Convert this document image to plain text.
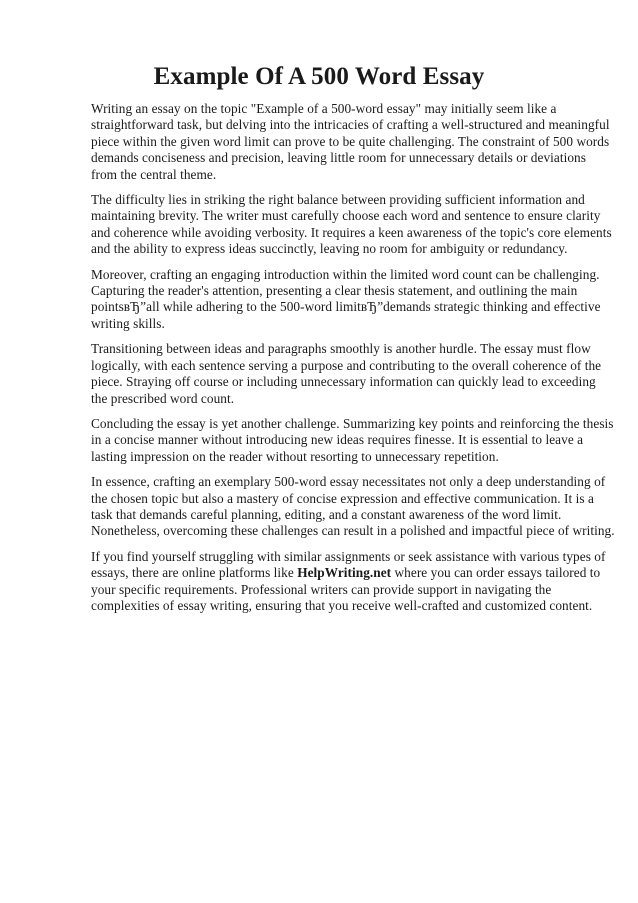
Example Of A 500 Word Essay

Writing an essay on the topic "Example of a 500-word essay" may initially seem like a
straightforward task, but delving into the intricacies of crafting a well-structured and meaningful
piece within the given word limit can prove to be quite challenging. The constraint of 500 words
demands conciseness and precision, leaving little room for unnecessary details or deviations
from the central theme.

The difficulty lies in striking the right balance between providing sufficient information and
maintaining brevity. The writer must carefully choose each word and sentence to ensure clarity
and coherence while avoiding verbosity. It requires a keen awareness of the topic's core elements
and the ability to express ideas succinctly, leaving no room for ambiguity or redundancy.

Moreover, crafting an engaging introduction within the limited word count can be challenging.
Capturing the reader's attention, presenting a clear thesis statement, and outlining the main
pointsвЂ”all while adhering to the 500-word limitвЂ”demands strategic thinking and effective
writing skills.

Transitioning between ideas and paragraphs smoothly is another hurdle. The essay must flow
logically, with each sentence serving a purpose and contributing to the overall coherence of the
piece. Straying off course or including unnecessary information can quickly lead to exceeding
the prescribed word count.

Concluding the essay is yet another challenge. Summarizing key points and reinforcing the thesis
in a concise manner without introducing new ideas requires finesse. It is essential to leave a
lasting impression on the reader without resorting to unnecessary repetition.

In essence, crafting an exemplary 500-word essay necessitates not only a deep understanding of
the chosen topic but also a mastery of concise expression and effective communication. It is a
task that demands careful planning, editing, and a constant awareness of the word limit.
Nonetheless, overcoming these challenges can result in a polished and impactful piece of writing.

If you find yourself struggling with similar assignments or seek assistance with various types of
essays, there are online platforms like HelpWriting.net where you can order essays tailored to
your specific requirements. Professional writers can provide support in navigating the
complexities of essay writing, ensuring that you receive well-crafted and customized content.
